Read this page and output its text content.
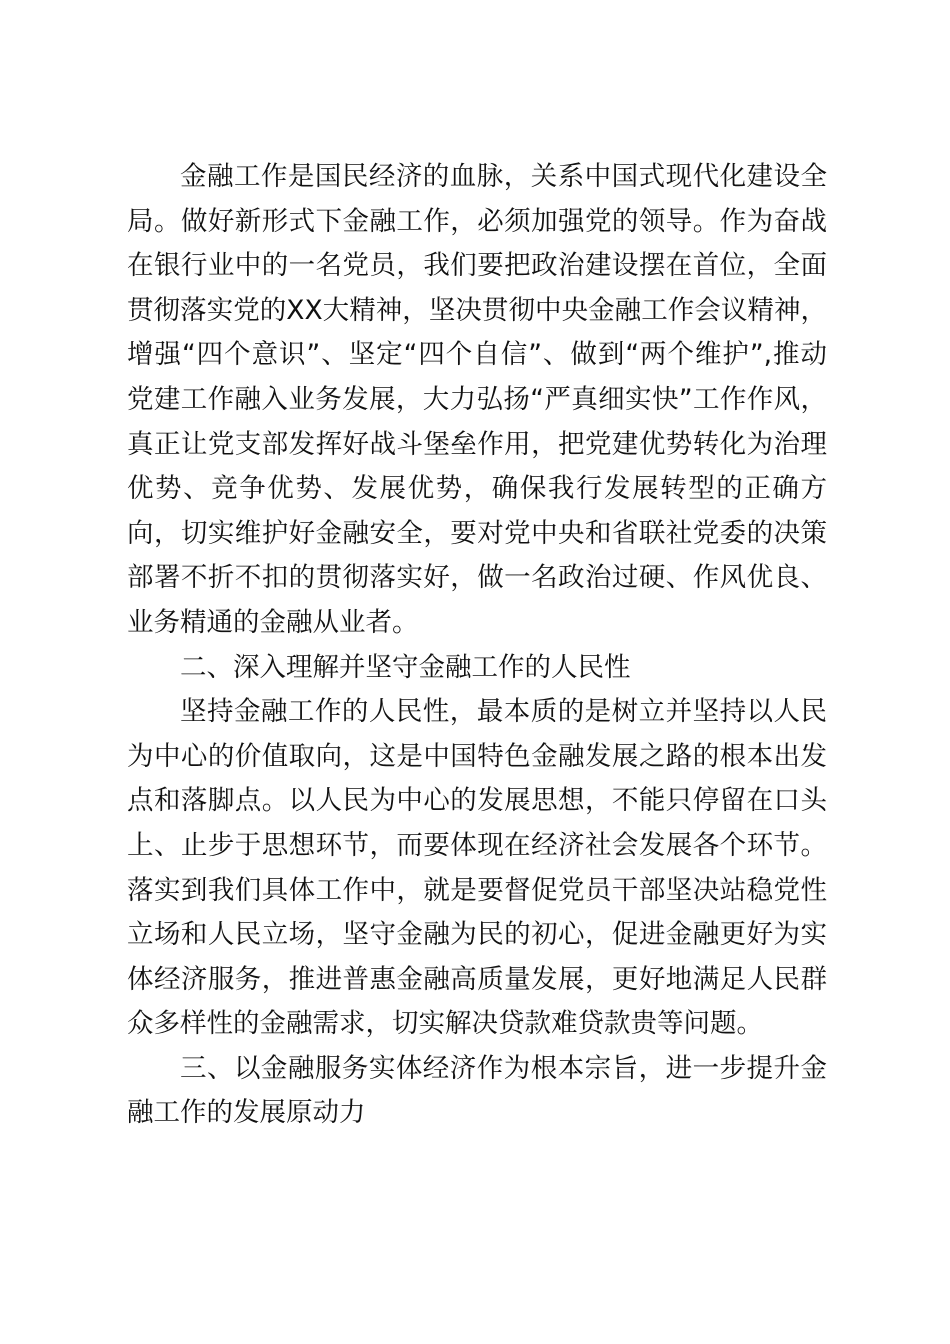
金融工作是国民经济的血脉，关系中国式现代化建设全局。做好新形式下金融工作，必须加强党的领导。作为奋战在银行业中的一名党员，我们要把政治建设摆在首位，全面贯彻落实党的XX大精神，坚决贯彻中央金融工作会议精神，增强“四个意识”、坚定“四个自信”、做到“两个维护”,推动党建工作融入业务发展，大力弘扬“严真细实快”工作作风，真正让党支部发挥好战斗堡垒作用，把党建优势转化为治理优势、竞争优势、发展优势，确保我行发展转型的正确方向，切实维护好金融安全，要对党中央和省联社党委的决策部署不折不扣的贯彻落实好，做一名政治过硬、作风优良、业务精通的金融从业者。

二、深入理解并坚守金融工作的人民性

坚持金融工作的人民性，最本质的是树立并坚持以人民为中心的价值取向，这是中国特色金融发展之路的根本出发点和落脚点。以人民为中心的发展思想，不能只停留在口头上、止步于思想环节，而要体现在经济社会发展各个环节。落实到我们具体工作中，就是要督促党员干部坚决站稳党性立场和人民立场，坚守金融为民的初心，促进金融更好为实体经济服务，推进普惠金融高质量发展，更好地满足人民群众多样性的金融需求，切实解决贷款难贷款贵等问题。

三、以金融服务实体经济作为根本宗旨，进一步提升金融工作的发展原动力
